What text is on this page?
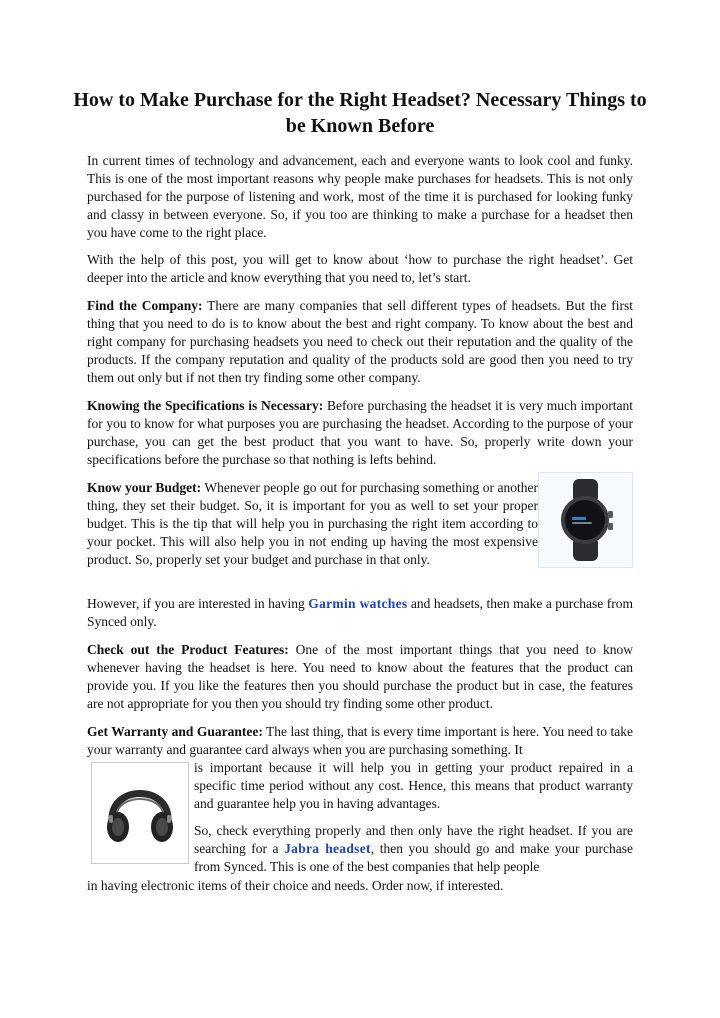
How to Make Purchase for the Right Headset? Necessary Things to be Known Before

In current times of technology and advancement, each and everyone wants to look cool and funky. This is one of the most important reasons why people make purchases for headsets. This is not only purchased for the purpose of listening and work, most of the time it is purchased for looking funky and classy in between everyone. So, if you too are thinking to make a purchase for a headset then you have come to the right place.

With the help of this post, you will get to know about ‘how to purchase the right headset’. Get deeper into the article and know everything that you need to, let’s start.

Find the Company: There are many companies that sell different types of headsets. But the first thing that you need to do is to know about the best and right company. To know about the best and right company for purchasing headsets you need to check out their reputation and the quality of the products. If the company reputation and quality of the products sold are good then you need to try them out only but if not then try finding some other company.

Knowing the Specifications is Necessary: Before purchasing the headset it is very much important for you to know for what purposes you are purchasing the headset. According to the purpose of your purchase, you can get the best product that you want to have. So, properly write down your specifications before the purchase so that nothing is lefts behind.

Know your Budget: Whenever people go out for purchasing something or another thing, they set their budget. So, it is important for you as well to set your proper budget. This is the tip that will help you in purchasing the right item according to your pocket. This will also help you in not ending up having the most expensive product. So, properly set your budget and purchase in that only.

However, if you are interested in having Garmin watches and headsets, then make a purchase from Synced only.

Check out the Product Features: One of the most important things that you need to know whenever having the headset is here. You need to know about the features that the product can provide you. If you like the features then you should purchase the product but in case, the features are not appropriate for you then you should try finding some other product.

Get Warranty and Guarantee: The last thing, that is every time important is here. You need to take your warranty and guarantee card always when you are purchasing something. It

is important because it will help you in getting your product repaired in a specific time period without any cost. Hence, this means that product warranty and guarantee help you in having advantages.

So, check everything properly and then only have the right headset. If you are searching for a Jabra headset, then you should go and make your purchase from Synced. This is one of the best companies that help people

in having electronic items of their choice and needs. Order now, if interested.
